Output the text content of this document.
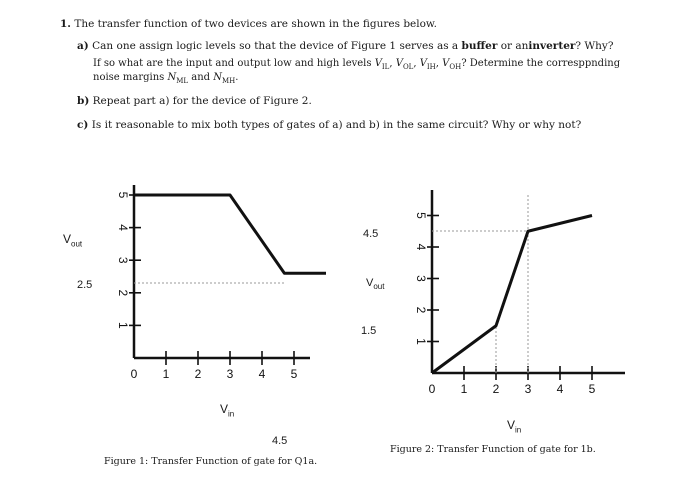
1. The transfer function of two devices are shown in the figures below.
a) Can one assign logic levels so that the device of Figure 1 serves as a buffer or aninverter? Why?
If so what are the input and output low and high levels $V_{IL}$, $V_{OL}$, $V_{IH}$, $V_{OH}$? Determine the corresppnding
noise margins $N_{ML}$ and $N_{MH}$.
b) Repeat part a) for the device of Figure 2.
c) Is it reasonable to mix both types of gates of a) and b) in the same circuit? Why or why not?
0 1 2 3 4 5
1
2
3
4
5
0 1 2 3 4 5
1
2
3
4
5
$V_{out}$
2.5
$V_{in}$
4.5
Figure 1: Transfer Function of gate for Q1a.
4.5
$V_{out}$
1.5
$V_{in}$
Figure 2: Transfer Function of gate for 1b.
